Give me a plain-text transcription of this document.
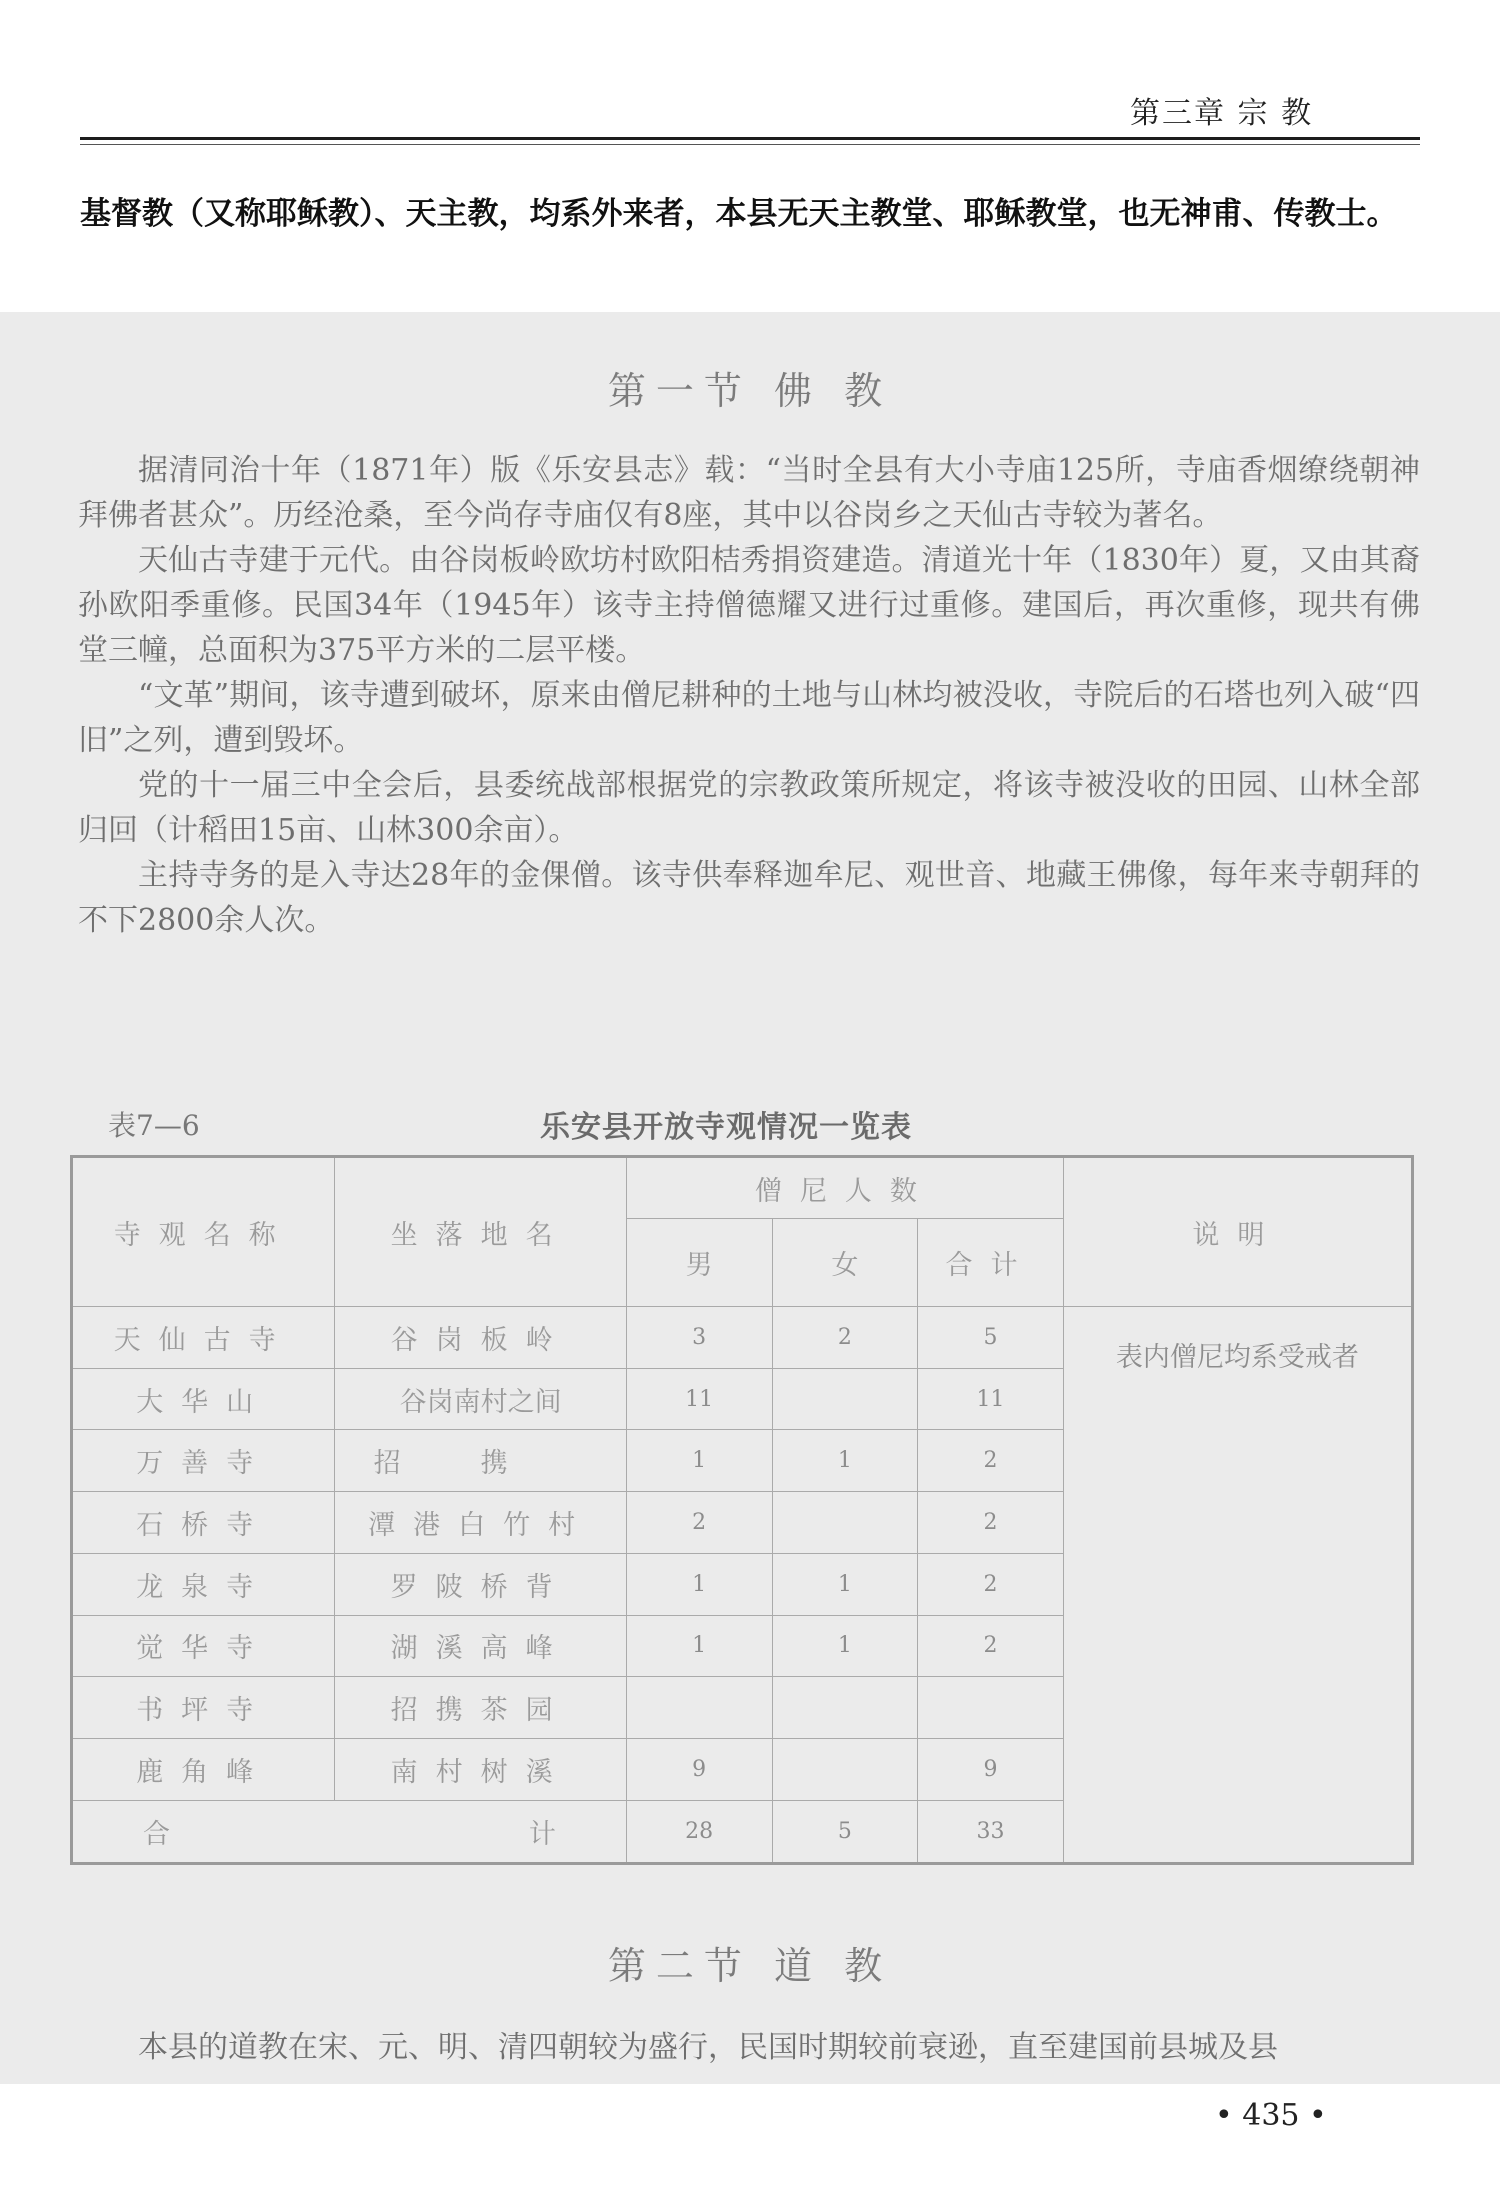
第三章 宗 教
基督教（又称耶稣教）、天主教，均系外来者，本县无天主教堂、耶稣教堂，也无神甫、传教士。
第一节 佛 教

据清同治十年（1871年）版《乐安县志》载：“当时全县有大小寺庙125所，寺庙香烟缭绕朝神拜佛者甚众”。历经沧桑，至今尚存寺庙仅有8座，其中以谷岗乡之天仙古寺较为著名。

天仙古寺建于元代。由谷岗板岭欧坊村欧阳桔秀捐资建造。清道光十年（1830年）夏，又由其裔孙欧阳季重修。民国34年（1945年）该寺主持僧德耀又进行过重修。建国后，再次重修，现共有佛堂三幢，总面积为375平方米的二层平楼。

“文革”期间，该寺遭到破坏，原来由僧尼耕种的土地与山林均被没收，寺院后的石塔也列入破“四旧”之列，遭到毁坏。

党的十一届三中全会后，县委统战部根据党的宗教政策所规定，将该寺被没收的田园、山林全部归回（计稻田15亩、山林300余亩）。

主持寺务的是入寺达28年的金倮僧。该寺供奉释迦牟尼、观世音、地藏王佛像，每年来寺朝拜的不下2800余人次。

表7—6	乐安县开放寺观情况一览表
寺观名称	坐落地名	僧尼人数			说明
		男	女	合计	
天仙古寺	谷岗板岭	3	2	5	表内僧尼均系受戒者
大华山	谷岗南村之间	11		11	
万善寺	招携	1	1	2	
石桥寺	潭港白竹村	2		2	
龙泉寺	罗陂桥背	1	1	2	
觉华寺	湖溪高峰	1	1	2	
书坪寺	招携茶园				
鹿角峰	南村树溪	9		9	
合计		28	5	33	
第二节 道 教

本县的道教在宋、元、明、清四朝较为盛行，民国时期较前衰逊，直至建国前县城及县

• 435 •
